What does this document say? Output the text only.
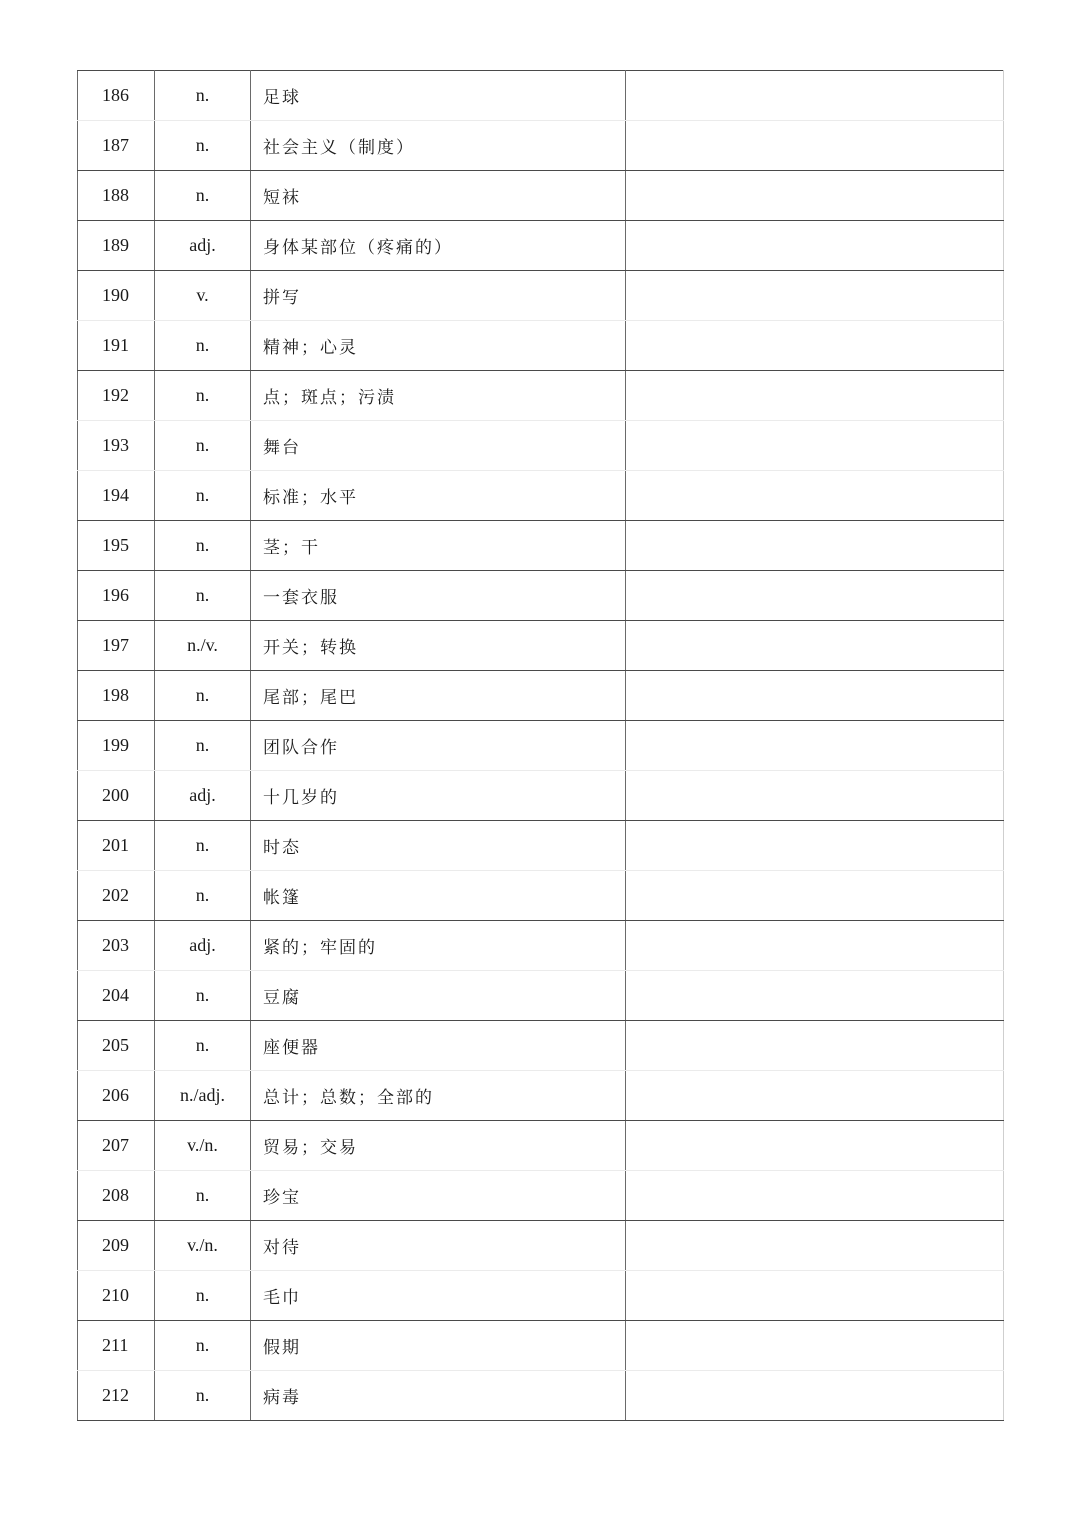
186	n.	足球	
187	n.	社会主义（制度）	
188	n.	短袜	
189	adj.	身体某部位（疼痛的）	
190	v.	拼写	
191	n.	精神；心灵	
192	n.	点；斑点；污渍	
193	n.	舞台	
194	n.	标准；水平	
195	n.	茎；干	
196	n.	一套衣服	
197	n./v.	开关；转换	
198	n.	尾部；尾巴	
199	n.	团队合作	
200	adj.	十几岁的	
201	n.	时态	
202	n.	帐篷	
203	adj.	紧的；牢固的	
204	n.	豆腐	
205	n.	座便器	
206	n./adj.	总计；总数；全部的	
207	v./n.	贸易；交易	
208	n.	珍宝	
209	v./n.	对待	
210	n.	毛巾	
211	n.	假期	
212	n.	病毒	
